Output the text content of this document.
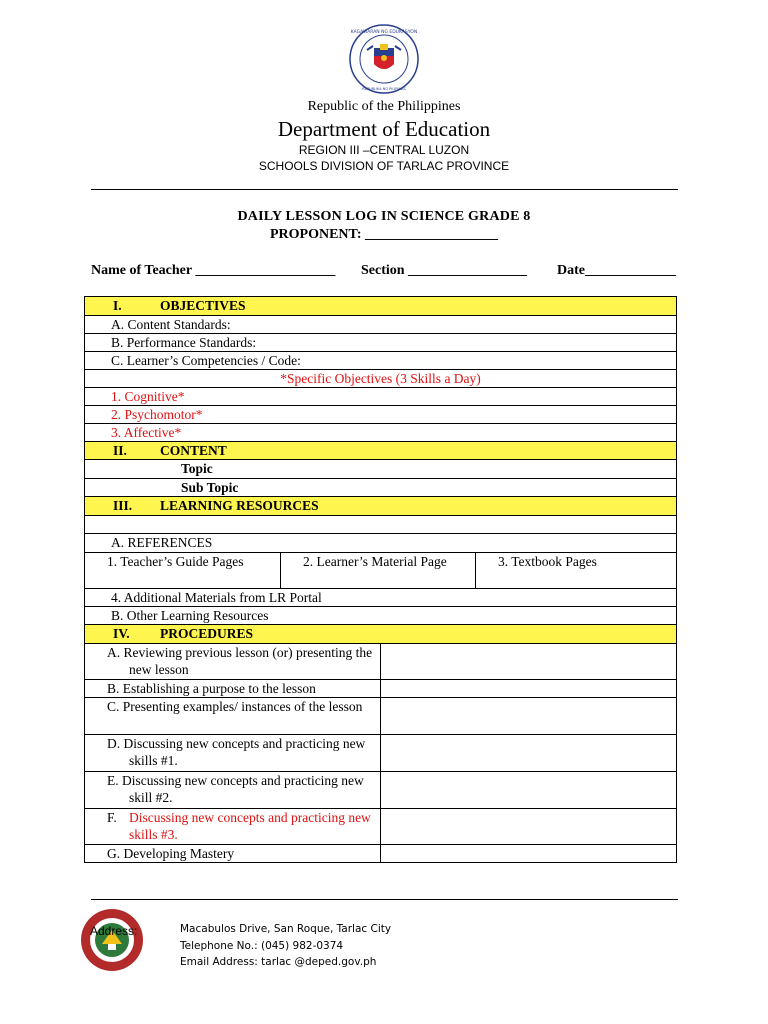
KAGAWARAN NG EDUKASYON
REPUBLIKA NG PILIPINAS
Republic of the Philippines
Department of Education
REGION III –CENTRAL LUZON
SCHOOLS DIVISION OF TARLAC PROVINCE
DAILY LESSON LOG IN SCIENCE GRADE 8
PROPONENT: ___________________
Name of Teacher ____________________ Section _________________ Date_____________
I. OBJECTIVES			
A. Content Standards:			
B. Performance Standards:			
C. Learner’s Competencies / Code:			
*Specific Objectives (3 Skills a Day)			
1. Cognitive*			
2. Psychomotor*			
3. Affective*			
II. CONTENT			
Topic			
Sub Topic			
III. LEARNING RESOURCES			

A. REFERENCES			
1. Teacher’s Guide Pages	2. Learner’s Material Page		3. Textbook Pages
4. Additional Materials from LR Portal			
B. Other Learning Resources			
IV. PROCEDURES			
A. Reviewing previous lesson (or) presenting the new lesson			
B. Establishing a purpose to the lesson			
C. Presenting examples/ instances of the lesson			
D. Discussing new concepts and practicing new skills #1.			
E. Discussing new concepts and practicing new skill #2.			
F. Discussing new concepts and practicing new skills #3.			
G. Developing Mastery			
Address:	Macabulos Drive, San Roque, Tarlac City
Telephone No.: (045) 982-0374
Email Address: tarlac @deped.gov.ph
